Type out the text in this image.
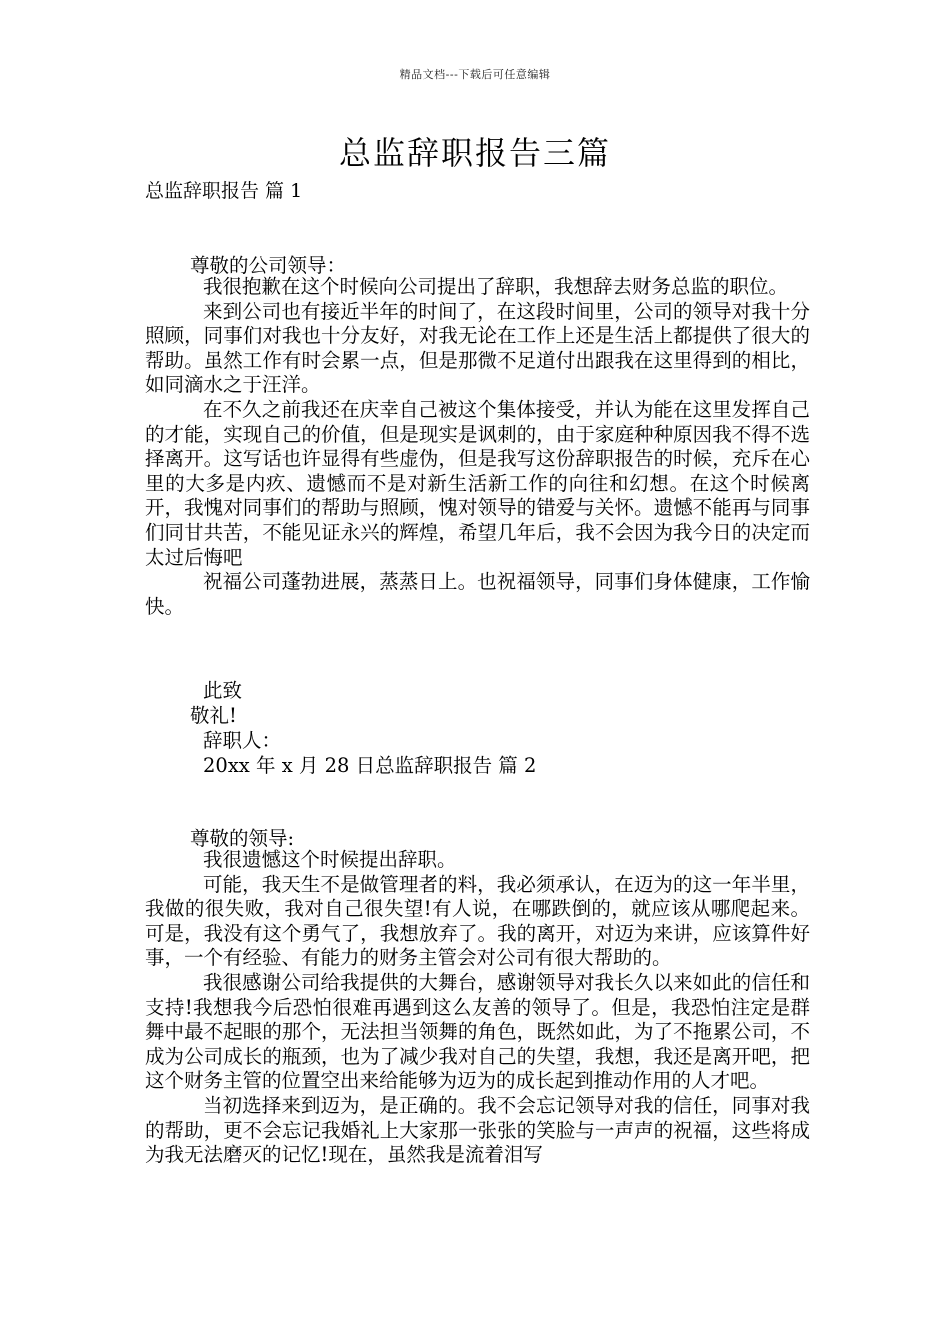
精品文档---下载后可任意编辑
总监辞职报告三篇
总监辞职报告 篇 1
尊敬的公司领导：

我很抱歉在这个时候向公司提出了辞职，我想辞去财务总监的职位。

来到公司也有接近半年的时间了，在这段时间里，公司的领导对我十分照顾，同事们对我也十分友好，对我无论在工作上还是生活上都提供了很大的帮助。虽然工作有时会累一点，但是那微不足道付出跟我在这里得到的相比，如同滴水之于汪洋。

在不久之前我还在庆幸自己被这个集体接受，并认为能在这里发挥自己的才能，实现自己的价值，但是现实是讽刺的，由于家庭种种原因我不得不选择离开。这写话也许显得有些虚伪，但是我写这份辞职报告的时候，充斥在心里的大多是内疚、遗憾而不是对新生活新工作的向往和幻想。在这个时候离开，我愧对同事们的帮助与照顾，愧对领导的错爱与关怀。遗憾不能再与同事们同甘共苦，不能见证永兴的辉煌，希望几年后，我不会因为我今日的决定而太过后悔吧

祝福公司蓬勃进展，蒸蒸日上。也祝福领导，同事们身体健康，工作愉快。

此致
敬礼!
辞职人：
20xx 年 x 月 28 日总监辞职报告 篇 2
尊敬的领导:

我很遗憾这个时候提出辞职。

可能，我天生不是做管理者的料，我必须承认，在迈为的这一年半里，我做的很失败，我对自己很失望!有人说，在哪跌倒的，就应该从哪爬起来。可是，我没有这个勇气了，我想放弃了。我的离开，对迈为来讲，应该算件好事，一个有经验、有能力的财务主管会对公司有很大帮助的。

我很感谢公司给我提供的大舞台，感谢领导对我长久以来如此的信任和支持!我想我今后恐怕很难再遇到这么友善的领导了。但是，我恐怕注定是群舞中最不起眼的那个，无法担当领舞的角色，既然如此，为了不拖累公司，不成为公司成长的瓶颈，也为了减少我对自己的失望，我想，我还是离开吧，把这个财务主管的位置空出来给能够为迈为的成长起到推动作用的人才吧。

当初选择来到迈为，是正确的。我不会忘记领导对我的信任，同事对我的帮助，更不会忘记我婚礼上大家那一张张的笑脸与一声声的祝福，这些将成为我无法磨灭的记忆!现在，虽然我是流着泪写
